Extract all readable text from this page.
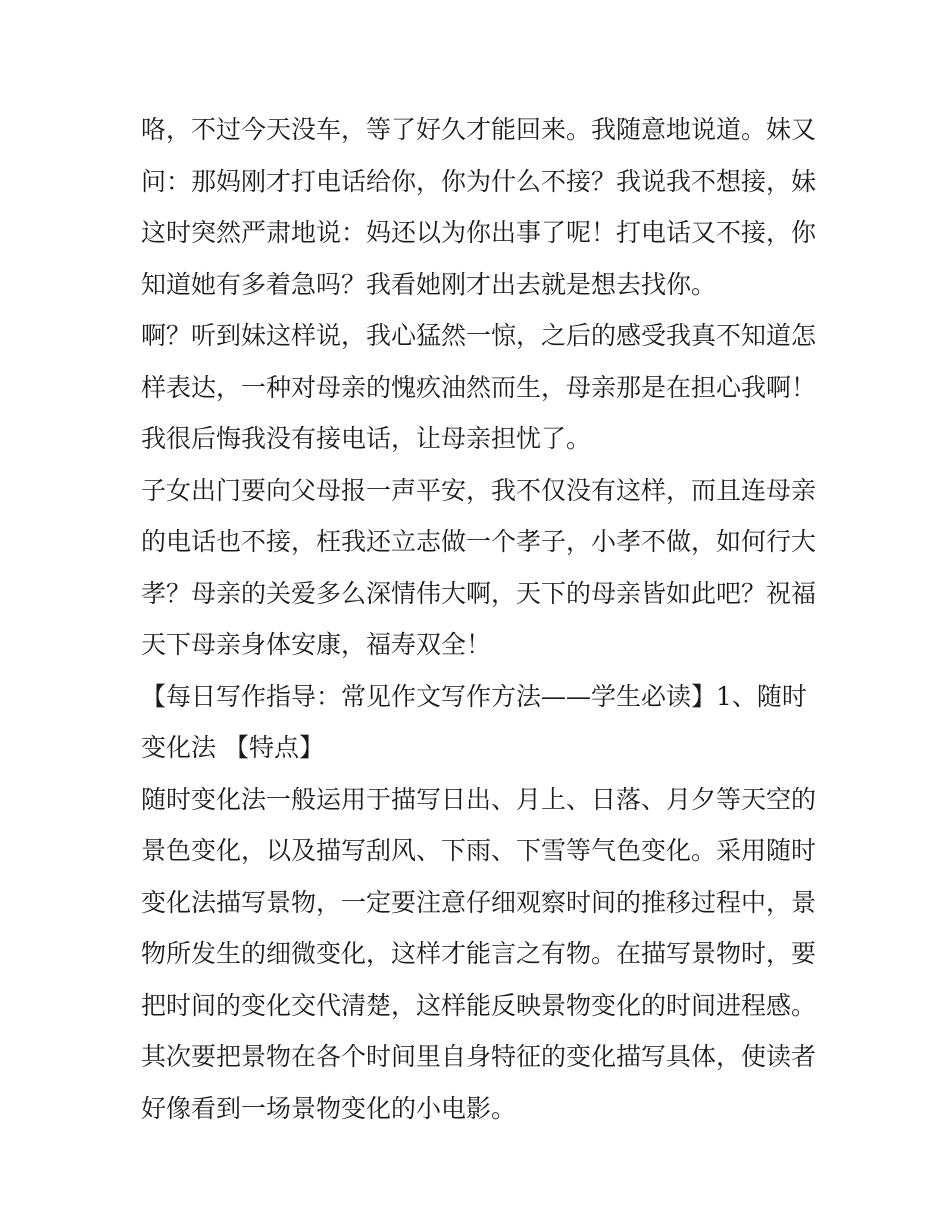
咯，不过今天没车，等了好久才能回来。我随意地说道。妹又
问：那妈刚才打电话给你，你为什么不接？我说我不想接，妹
这时突然严肃地说：妈还以为你出事了呢！打电话又不接，你
知道她有多着急吗？我看她刚才出去就是想去找你。
啊？听到妹这样说，我心猛然一惊，之后的感受我真不知道怎
样表达，一种对母亲的愧疚油然而生，母亲那是在担心我啊！
我很后悔我没有接电话，让母亲担忧了。
子女出门要向父母报一声平安，我不仅没有这样，而且连母亲
的电话也不接，枉我还立志做一个孝子，小孝不做，如何行大
孝？母亲的关爱多么深情伟大啊，天下的母亲皆如此吧？祝福
天下母亲身体安康，福寿双全！
【每日写作指导：常见作文写作方法——学生必读】1、随时
变化法 【特点】
随时变化法一般运用于描写日出、月上、日落、月夕等天空的
景色变化，以及描写刮风、下雨、下雪等气色变化。采用随时
变化法描写景物，一定要注意仔细观察时间的推移过程中，景
物所发生的细微变化，这样才能言之有物。在描写景物时，要
把时间的变化交代清楚，这样能反映景物变化的时间进程感。
其次要把景物在各个时间里自身特征的变化描写具体，使读者
好像看到一场景物变化的小电影。
